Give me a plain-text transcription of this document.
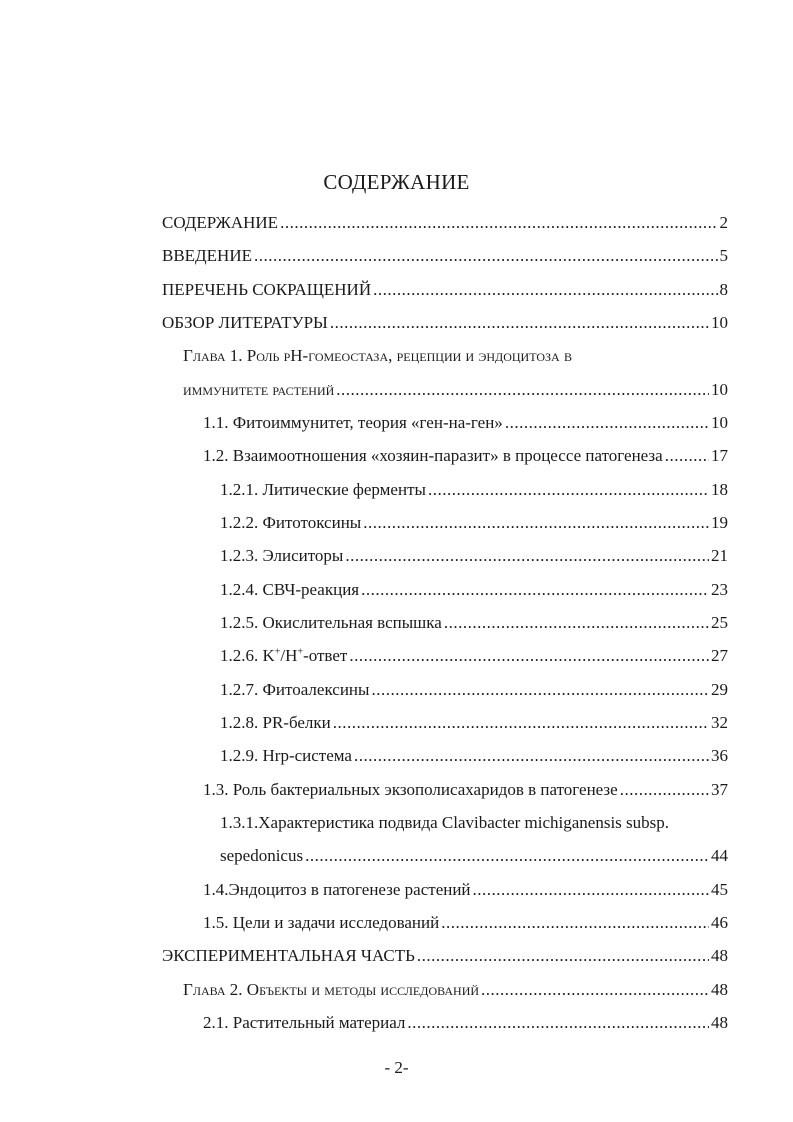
СОДЕРЖАНИЕ
СОДЕРЖАНИЕ .....	2
ВВЕДЕНИЕ .....	5
ПЕРЕЧЕНЬ СОКРАЩЕНИЙ .....	8
ОБЗОР ЛИТЕРАТУРЫ .....	10
Глава 1. Роль pH-гомеостаза, рецепции и эндоцитоза в
иммунитете растений .....	10
1.1. Фитоиммунитет, теория «ген-на-ген» .....	10
1.2. Взаимоотношения «хозяин-паразит» в процессе патогенеза .....	17
1.2.1. Литические ферменты .....	18
1.2.2. Фитотоксины .....	19
1.2.3. Элиситоры .....	21
1.2.4. СВЧ-реакция .....	23
1.2.5. Окислительная вспышка .....	25
1.2.6. K+/H+-ответ .....	27
1.2.7. Фитоалексины .....	29
1.2.8. PR-белки .....	32
1.2.9. Hrp-система .....	36
1.3. Роль бактериальных экзополисахаридов в патогенезе .....	37
1.3.1.Характеристика подвида Clavibacter michiganensis subsp.
sepedonicus .....	44
1.4.Эндоцитоз в патогенезе растений .....	45
1.5. Цели и задачи исследований .....	46
ЭКСПЕРИМЕНТАЛЬНАЯ ЧАСТЬ .....	48
Глава 2. Объекты и методы исследований .....	48
2.1. Растительный материал .....	48
- 2-
